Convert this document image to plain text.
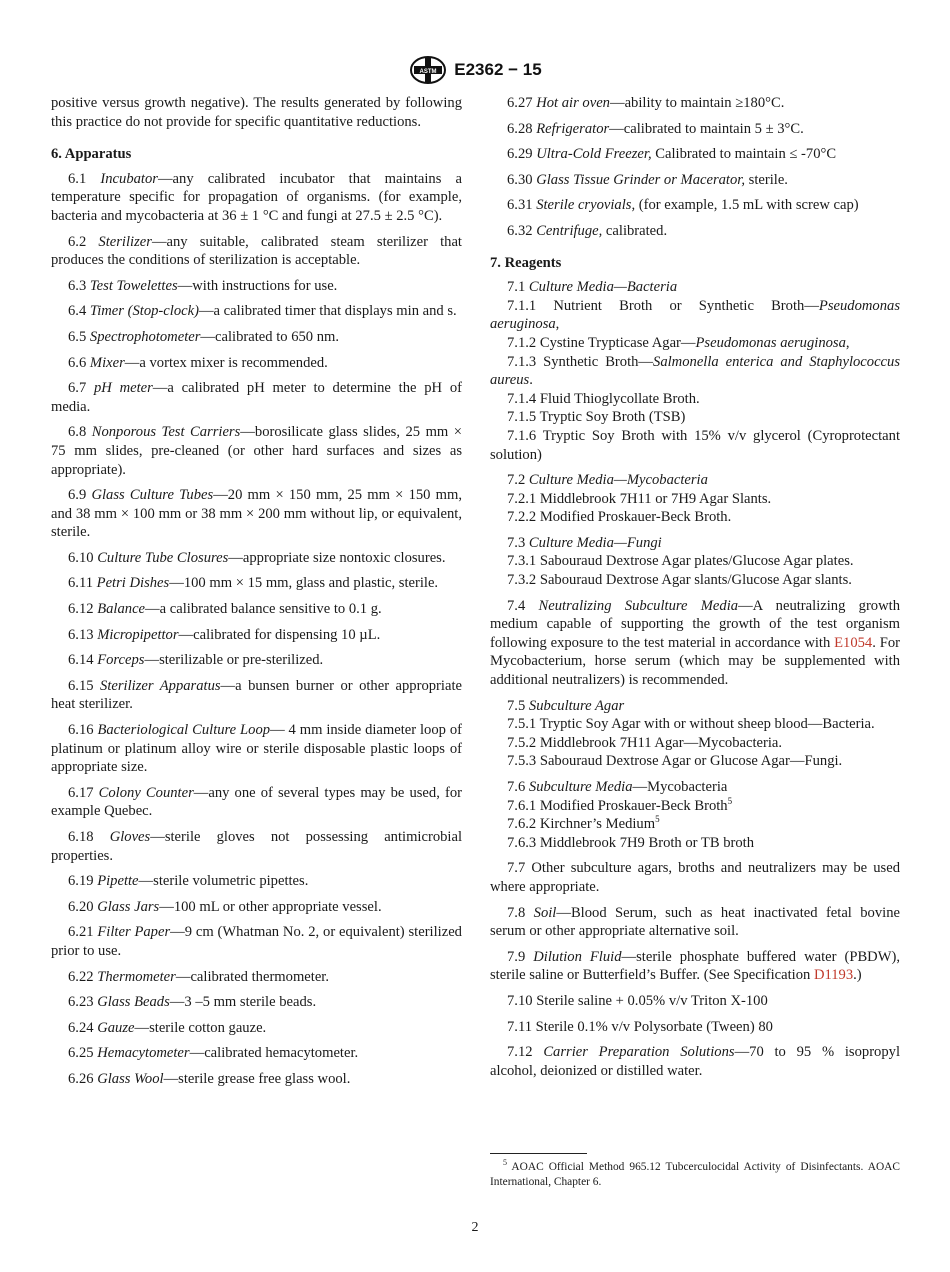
ASTM E2362 − 15

positive versus growth negative). The results generated by following this practice do not provide for specific quantitative reductions.

6. Apparatus

6.1 Incubator—any calibrated incubator that maintains a temperature specific for propagation of organisms. (for example, bacteria and mycobacteria at 36 ± 1 °C and fungi at 27.5 ± 2.5 °C).

6.2 Sterilizer—any suitable, calibrated steam sterilizer that produces the conditions of sterilization is acceptable.

6.3 Test Towelettes—with instructions for use.

6.4 Timer (Stop-clock)—a calibrated timer that displays min and s.

6.5 Spectrophotometer—calibrated to 650 nm.

6.6 Mixer—a vortex mixer is recommended.

6.7 pH meter—a calibrated pH meter to determine the pH of media.

6.8 Nonporous Test Carriers—borosilicate glass slides, 25 mm × 75 mm slides, pre-cleaned (or other hard surfaces and sizes as appropriate).

6.9 Glass Culture Tubes—20 mm × 150 mm, 25 mm × 150 mm, and 38 mm × 100 mm or 38 mm × 200 mm without lip, or equivalent, sterile.

6.10 Culture Tube Closures—appropriate size nontoxic closures.

6.11 Petri Dishes—100 mm × 15 mm, glass and plastic, sterile.

6.12 Balance—a calibrated balance sensitive to 0.1 g.

6.13 Micropipettor—calibrated for dispensing 10 µL.

6.14 Forceps—sterilizable or pre-sterilized.

6.15 Sterilizer Apparatus—a bunsen burner or other appropriate heat sterilizer.

6.16 Bacteriological Culture Loop— 4 mm inside diameter loop of platinum or platinum alloy wire or sterile disposable plastic loops of appropriate size.

6.17 Colony Counter—any one of several types may be used, for example Quebec.

6.18 Gloves—sterile gloves not possessing antimicrobial properties.

6.19 Pipette—sterile volumetric pipettes.

6.20 Glass Jars—100 mL or other appropriate vessel.

6.21 Filter Paper—9 cm (Whatman No. 2, or equivalent) sterilized prior to use.

6.22 Thermometer—calibrated thermometer.

6.23 Glass Beads—3 –5 mm sterile beads.

6.24 Gauze—sterile cotton gauze.

6.25 Hemacytometer—calibrated hemacytometer.

6.26 Glass Wool—sterile grease free glass wool.

6.27 Hot air oven—ability to maintain ≥180°C.

6.28 Refrigerator—calibrated to maintain 5 ± 3°C.

6.29 Ultra-Cold Freezer, Calibrated to maintain ≤ -70°C

6.30 Glass Tissue Grinder or Macerator, sterile.

6.31 Sterile cryovials, (for example, 1.5 mL with screw cap)

6.32 Centrifuge, calibrated.

7. Reagents

7.1 Culture Media—Bacteria

7.1.1 Nutrient Broth or Synthetic Broth—Pseudomonas aeruginosa,

7.1.2 Cystine Trypticase Agar—Pseudomonas aeruginosa,

7.1.3 Synthetic Broth—Salmonella enterica and Staphylococcus aureus.

7.1.4 Fluid Thioglycollate Broth.

7.1.5 Tryptic Soy Broth (TSB)

7.1.6 Tryptic Soy Broth with 15% v/v glycerol (Cyroprotectant solution)

7.2 Culture Media—Mycobacteria

7.2.1 Middlebrook 7H11 or 7H9 Agar Slants.

7.2.2 Modified Proskauer-Beck Broth.

7.3 Culture Media—Fungi

7.3.1 Sabouraud Dextrose Agar plates/Glucose Agar plates.

7.3.2 Sabouraud Dextrose Agar slants/Glucose Agar slants.

7.4 Neutralizing Subculture Media—A neutralizing growth medium capable of supporting the growth of the test organism following exposure to the test material in accordance with E1054. For Mycobacterium, horse serum (which may be supplemented with additional neutralizers) is recommended.

7.5 Subculture Agar

7.5.1 Tryptic Soy Agar with or without sheep blood—Bacteria.

7.5.2 Middlebrook 7H11 Agar—Mycobacteria.

7.5.3 Sabouraud Dextrose Agar or Glucose Agar—Fungi.

7.6 Subculture Media—Mycobacteria

7.6.1 Modified Proskauer-Beck Broth$^5$

7.6.2 Kirchner’s Medium$^5$

7.6.3 Middlebrook 7H9 Broth or TB broth

7.7 Other subculture agars, broths and neutralizers may be used where appropriate.

7.8 Soil—Blood Serum, such as heat inactivated fetal bovine serum or other appropriate alternative soil.

7.9 Dilution Fluid—sterile phosphate buffered water (PBDW), sterile saline or Butterfield’s Buffer. (See Specification D1193.)

7.10 Sterile saline + 0.05% v/v Triton X-100

7.11 Sterile 0.1% v/v Polysorbate (Tween) 80

7.12 Carrier Preparation Solutions—70 to 95 % isopropyl alcohol, deionized or distilled water.

$^5$ AOAC Official Method 965.12 Tubcerculocidal Activity of Disinfectants. AOAC International, Chapter 6.
2
